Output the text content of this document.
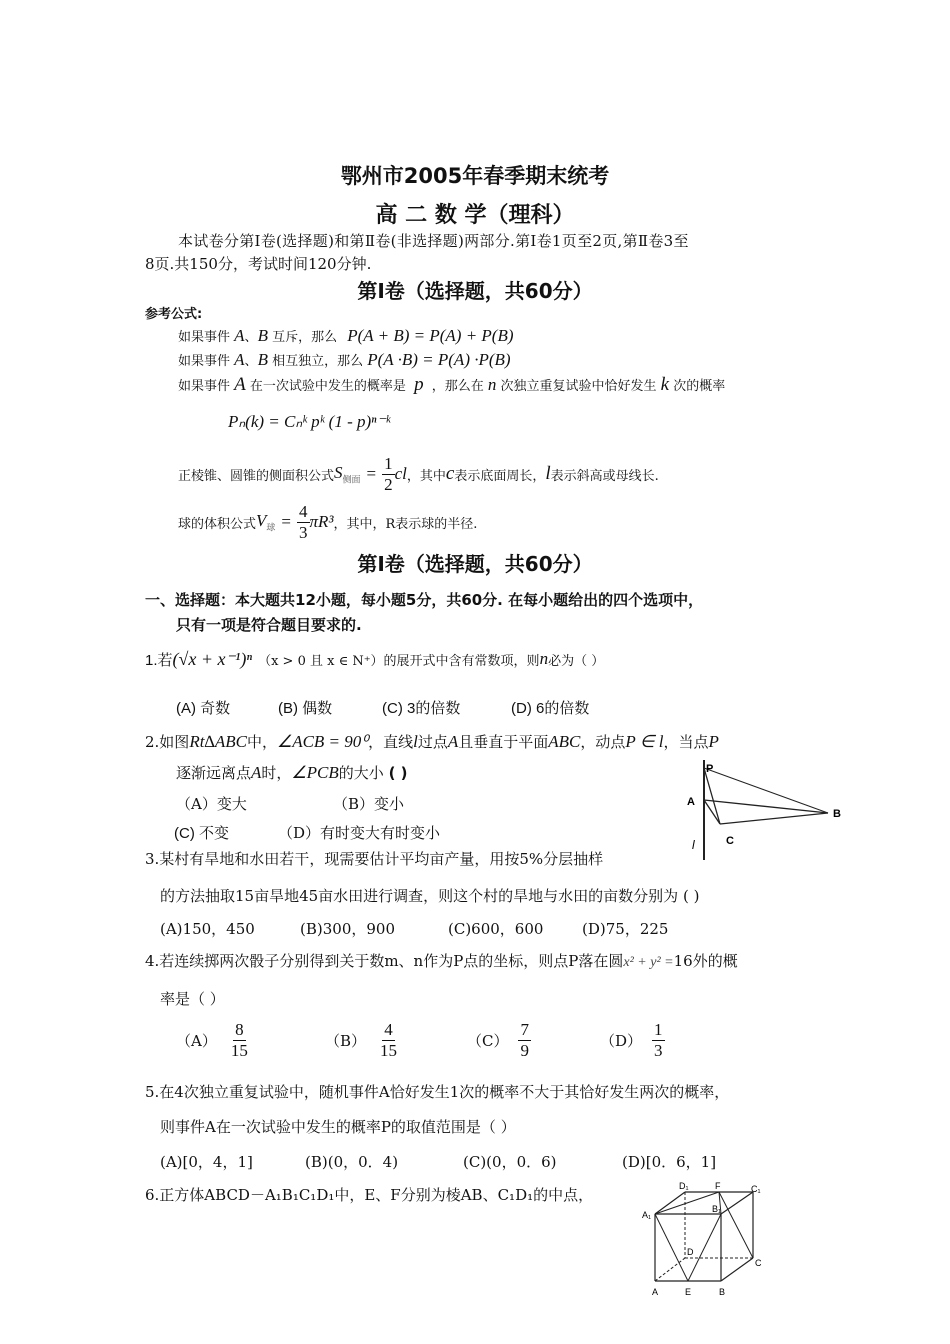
鄂州市2005年春季期末统考
高 二 数 学（理科）
本试卷分第Ⅰ卷(选择题)和第Ⅱ卷(非选择题)两部分.第Ⅰ卷1页至2页,第Ⅱ卷3至
8页.共150分，考试时间120分钟.
第Ⅰ卷（选择题，共60分）
参考公式:
如果事件 A、B 互斥，那么 P(A + B) = P(A) + P(B)
如果事件 A、B 相互独立，那么 P(A ·B) = P(A) ·P(B)
如果事件 A 在一次试验中发生的概率是 p ，那么在 n 次独立重复试验中恰好发生 k 次的概率
Pₙ(k) = Cₙᵏ pᵏ (1 - p)ⁿ⁻ᵏ
正棱锥、圆锥的侧面积公式 $S_{侧面} = \frac{1}{2}$ cl ，其中 c 表示底面周长， l 表示斜高或母线长.
球的体积公式 $V_球 = \frac{4}{3} \pi R^3$ ，其中，R表示球的半径.
第Ⅰ卷（选择题，共60分）
一、选择题：本大题共12小题，每小题5分，共60分. 在每小题给出的四个选项中，
只有一项是符合题目要求的.
1.若 (√x + x⁻¹)ⁿ （x > 0 且 x ∈ N⁺）的展开式中含有常数项，则 n 必为（ ）
(A) 奇数	(B) 偶数	(C) 3的倍数	(D) 6的倍数
2.如图Rt∆ABC中，∠ACB = 90⁰，直线l过点A且垂直于平面ABC，动点P ∈ l，当点P
逐渐远离点A时，∠PCB的大小 ( )
（A）变大	（B）变小
(C) 不变	（D）有时变大有时变小
P
A
B
C
l
3.某村有旱地和水田若干，现需要估计平均亩产量，用按5%分层抽样
的方法抽取15亩旱地45亩水田进行调查，则这个村的旱地与水田的亩数分别为 ( )
(A)150，450	(B)300，900	(C)600，600	(D)75，225
4.若连续掷两次骰子分别得到关于数m、n作为P点的坐标，则点P落在圆x² + y² =16外的概
率是（ ）
$(A) \frac{8}{15}$	$(B) \frac{4}{15}$	$(C) \frac{7}{9}$	$(D) \frac{1}{3}$
5.在4次独立重复试验中，随机事件A恰好发生1次的概率不大于其恰好发生两次的概率，
则事件A在一次试验中发生的概率P的取值范围是（ ）
(A)[0，4，1]	(B)(0，0．4)	(C)(0，0．6)	(D)[0．6，1]
6.正方体ABCD－A₁B₁C₁D₁中，E、F分别为棱AB、C₁D₁的中点，	D₁	F	C₁
A₁
B₁
D
C
A	E	B
